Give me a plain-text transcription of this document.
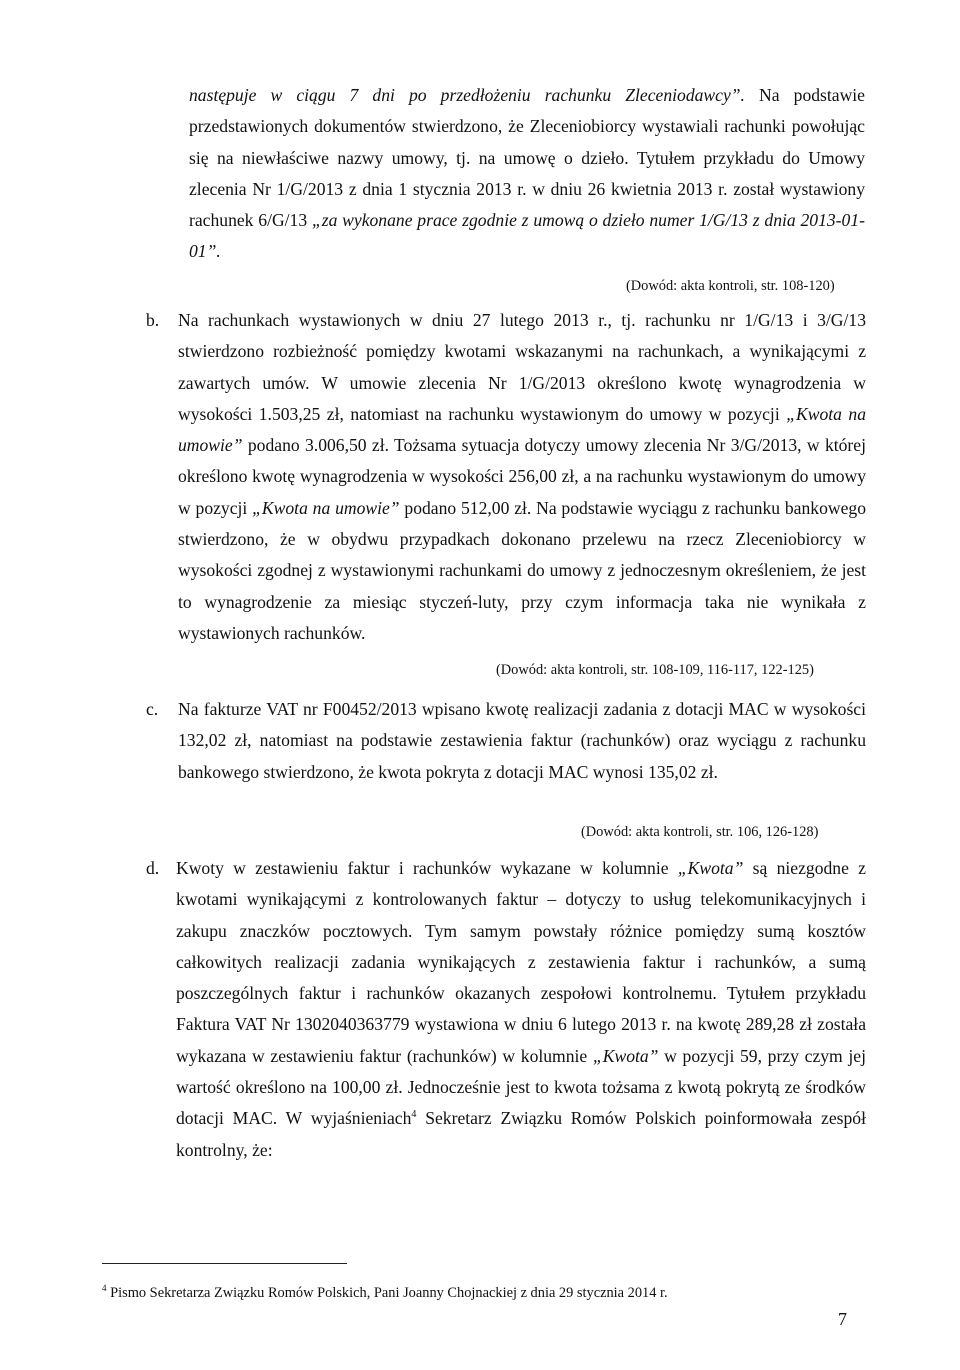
następuje w ciągu 7 dni po przedłożeniu rachunku Zleceniodawcy”. Na podstawie przedstawionych dokumentów stwierdzono, że Zleceniobiorcy wystawiali rachunki powołując się na niewłaściwe nazwy umowy, tj. na umowę o dzieło. Tytułem przykładu do Umowy zlecenia Nr 1/G/2013 z dnia 1 stycznia 2013 r. w dniu 26 kwietnia 2013 r. został wystawiony rachunek 6/G/13 „za wykonane prace zgodnie z umową o dzieło numer 1/G/13 z dnia 2013-01-01”.

(Dowód: akta kontroli, str. 108-120)
b. Na rachunkach wystawionych w dniu 27 lutego 2013 r., tj. rachunku nr 1/G/13 i 3/G/13 stwierdzono rozbieżność pomiędzy kwotami wskazanymi na rachunkach, a wynikającymi z zawartych umów. W umowie zlecenia Nr 1/G/2013 określono kwotę wynagrodzenia w wysokości 1.503,25 zł, natomiast na rachunku wystawionym do umowy w pozycji „Kwota na umowie” podano 3.006,50 zł. Tożsama sytuacja dotyczy umowy zlecenia Nr 3/G/2013, w której określono kwotę wynagrodzenia w wysokości 256,00 zł, a na rachunku wystawionym do umowy w pozycji „Kwota na umowie” podano 512,00 zł. Na podstawie wyciągu z rachunku bankowego stwierdzono, że w obydwu przypadkach dokonano przelewu na rzecz Zleceniobiorcy w wysokości zgodnej z wystawionymi rachunkami do umowy z jednoczesnym określeniem, że jest to wynagrodzenie za miesiąc styczeń-luty, przy czym informacja taka nie wynikała z wystawionych rachunków.
(Dowód: akta kontroli, str. 108-109, 116-117, 122-125)
c. Na fakturze VAT nr F00452/2013 wpisano kwotę realizacji zadania z dotacji MAC w wysokości 132,02 zł, natomiast na podstawie zestawienia faktur (rachunków) oraz wyciągu z rachunku bankowego stwierdzono, że kwota pokryta z dotacji MAC wynosi 135,02 zł.
(Dowód: akta kontroli, str. 106, 126-128)
d. Kwoty w zestawieniu faktur i rachunków wykazane w kolumnie „Kwota” są niezgodne z kwotami wynikającymi z kontrolowanych faktur – dotyczy to usług telekomunikacyjnych i zakupu znaczków pocztowych. Tym samym powstały różnice pomiędzy sumą kosztów całkowitych realizacji zadania wynikających z zestawienia faktur i rachunków, a sumą poszczególnych faktur i rachunków okazanych zespołowi kontrolnemu. Tytułem przykładu Faktura VAT Nr 1302040363779 wystawiona w dniu 6 lutego 2013 r. na kwotę 289,28 zł została wykazana w zestawieniu faktur (rachunków) w kolumnie „Kwota” w pozycji 59, przy czym jej wartość określono na 100,00 zł. Jednocześnie jest to kwota tożsama z kwotą pokrytą ze środków dotacji MAC. W wyjaśnieniach$^4$ Sekretarz Związku Romów Polskich poinformowała zespół kontrolny, że:
$^4$ Pismo Sekretarza Związku Romów Polskich, Pani Joanny Chojnackiej z dnia 29 stycznia 2014 r.
7
